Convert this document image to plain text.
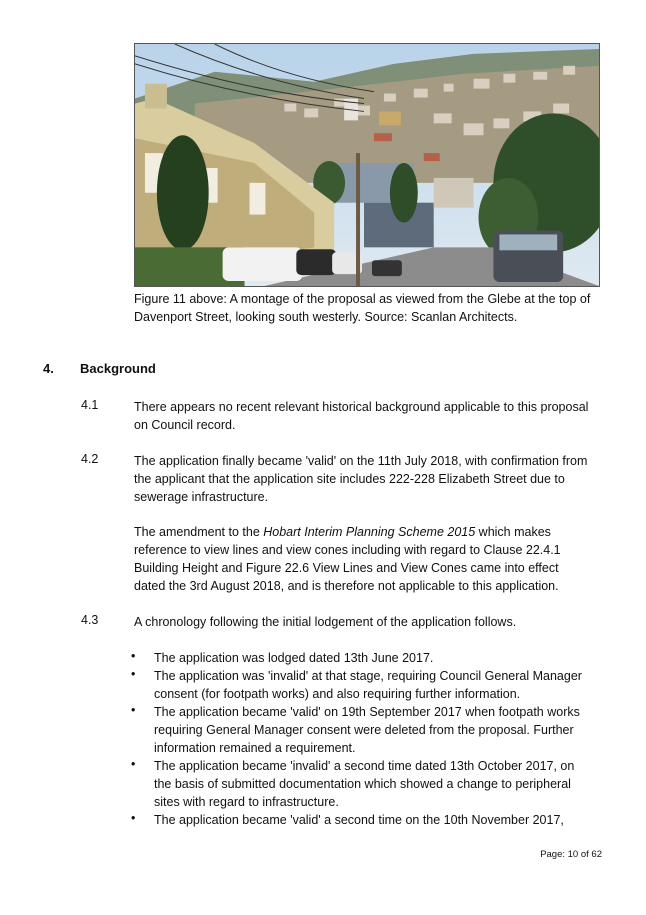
Figure 11 above: A montage of the proposal as viewed from the Glebe at the top of
Davenport Street, looking south westerly. Source: Scanlan Architects.
4. Background
4.1	There appears no recent relevant historical background applicable to this proposal
on Council record.
4.2	The application finally became 'valid' on the 11th July 2018, with confirmation from
the applicant that the application site includes 222-228 Elizabeth Street due to
sewerage infrastructure.
The amendment to the Hobart Interim Planning Scheme 2015 which makes
reference to view lines and view cones including with regard to Clause 22.4.1
Building Height and Figure 22.6 View Lines and View Cones came into effect
dated the 3rd August 2018, and is therefore not applicable to this application.
4.3	A chronology following the initial lodgement of the application follows.
•	The application was lodged dated 13th June 2017.
•	The application was 'invalid' at that stage, requiring Council General Manager
consent (for footpath works) and also requiring further information.
•	The application became 'valid' on 19th September 2017 when footpath works
requiring General Manager consent were deleted from the proposal. Further
information remained a requirement.
•	The application became 'invalid' a second time dated 13th October 2017, on
the basis of submitted documentation which showed a change to peripheral
sites with regard to infrastructure.
•	The application became 'valid' a second time on the 10th November 2017,
Page: 10 of 62
